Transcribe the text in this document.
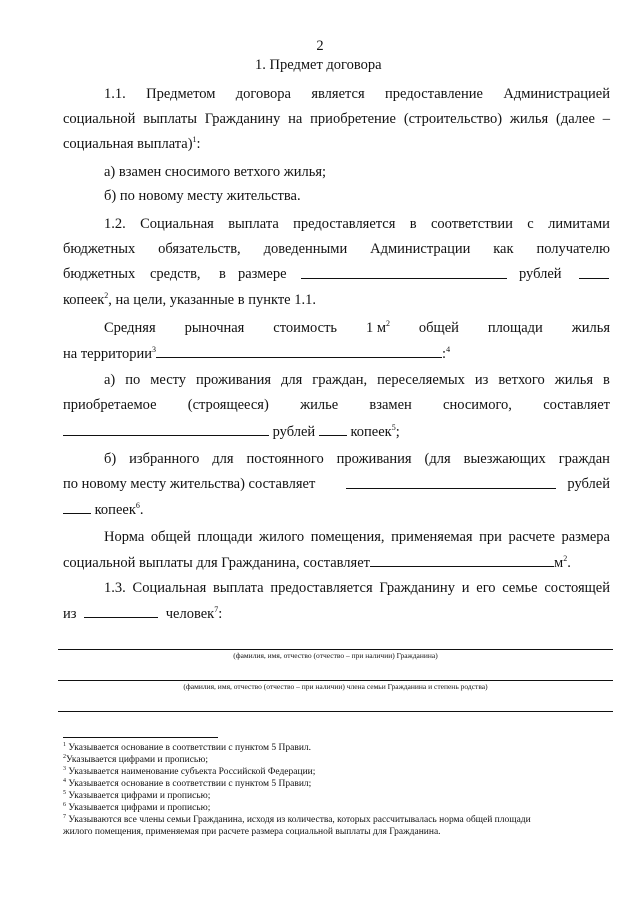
2
1. Предмет договора
1.1. Предметом договора является предоставление Администрацией
социальной выплаты Гражданину на приобретение (строительство) жилья (далее –
социальная выплата)$^1$:
а) взамен сносимого ветхого жилья;
б) по новому месту жительства.
1.2. Социальная выплата предоставляется в соответствии с лимитами
бюджетных обязательств, доведенными Администрации как получателю
бюджетных средств, в размере	рублей
копеек$^2$, на цели, указанные в пункте 1.1.
Средняя рыночная стоимость 1 $м^2$ общей площади жилья
на территории$^3$	:$^4$
а) по месту проживания для граждан, переселяемых из ветхого жилья в
приобретаемое (строящееся) жилье взамен сносимого, составляет
рублей копеек$^5$;
б) избранного для постоянного проживания (для выезжающих граждан
по новому месту жительства) составляет	рублей
копеек$^6$.
Норма общей площади жилого помещения, применяемая при расчете размера
социальной выплаты для Гражданина, составляет	$м^2$.
1.3. Социальная выплата предоставляется Гражданину и его семье состоящей
из	человек$^7$:
(фамилия, имя, отчество (отчество – при наличии) Гражданина)
(фамилия, имя, отчество (отчество – при наличии) члена семьи Гражданина и степень родства)
$^1$ Указывается основание в соответствии с пунктом 5 Правил.
$^2$Указывается цифрами и прописью;
$^3$ Указывается наименование субъекта Российской Федерации;
$^4$ Указывается основание в соответствии с пунктом 5 Правил;
$^5$ Указывается цифрами и прописью;
$^6$ Указывается цифрами и прописью;
$^7$ Указываются все члены семьи Гражданина, исходя из количества, которых рассчитывалась норма общей площади
жилого помещения, применяемая при расчете размера социальной выплаты для Гражданина.
